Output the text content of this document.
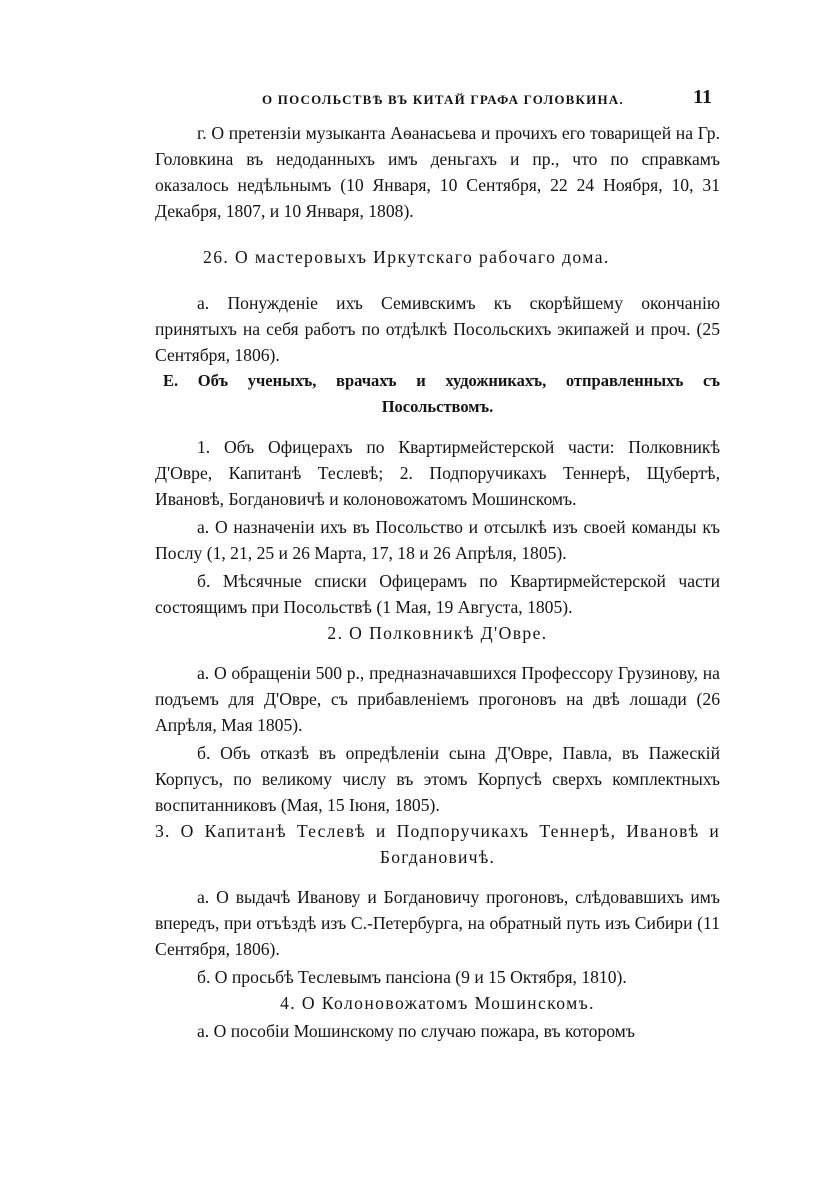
О ПОСОЛЬСТВѢ ВЪ КИТАЙ ГРАФА ГОЛОВКИНА.	11

г. О претензіи музыканта Аѳанасьева и прочихъ его товарищей на Гр. Головкина въ недоданныхъ имъ деньгахъ и пр., что по справкамъ оказалось недѣльнымъ (10 Января, 10 Сентября, 22 24 Ноября, 10, 31 Декабря, 1807, и 10 Января, 1808).

26. О мастеровыхъ Иркутскаго рабочаго дома.

а. Понужденіе ихъ Семивскимъ къ скорѣйшему окончанію принятыхъ на себя работъ по отдѣлкѣ Посольскихъ экипажей и проч. (25 Сентября, 1806).

Е. Объ ученыхъ, врачахъ и художникахъ, отправленныхъ съ Посольствомъ.

1. Объ Офицерахъ по Квартирмейстерской части: Полковникѣ Д'Овре, Капитанѣ Теслевѣ; 2. Подпоручикахъ Теннерѣ, Щубертѣ, Ивановѣ, Богдановичѣ и колоновожатомъ Мошинскомъ.

а. О назначеніи ихъ въ Посольство и отсылкѣ изъ своей команды къ Послу (1, 21, 25 и 26 Марта, 17, 18 и 26 Апрѣля, 1805).

б. Мѣсячные списки Офицерамъ по Квартирмейстерской части состоящимъ при Посольствѣ (1 Мая, 19 Августа, 1805).

2. О Полковникѣ Д'Овре.

а. О обращеніи 500 р., предназначавшихся Профессору Грузинову, на подъемъ для Д'Овре, съ прибавленіемъ прогоновъ на двѣ лошади (26 Апрѣля, Мая 1805).

б. Объ отказѣ въ опредѣленіи сына Д'Овре, Павла, въ Пажескій Корпусъ, по великому числу въ этомъ Корпусѣ сверхъ комплектныхъ воспитанниковъ (Мая, 15 Іюня, 1805).

3. О Капитанѣ Теслевѣ и Подпоручикахъ Теннерѣ, Ивановѣ и Богдановичѣ.

а. О выдачѣ Иванову и Богдановичу прогоновъ, слѣдовавшихъ имъ впередъ, при отъѣздѣ изъ С.-Петербурга, на обратный путь изъ Сибири (11 Сентября, 1806).

б. О просьбѣ Теслевымъ пансіона (9 и 15 Октября, 1810).

4. О Колоновожатомъ Мошинскомъ.

а. О пособіи Мошинскому по случаю пожара, въ которомъ
